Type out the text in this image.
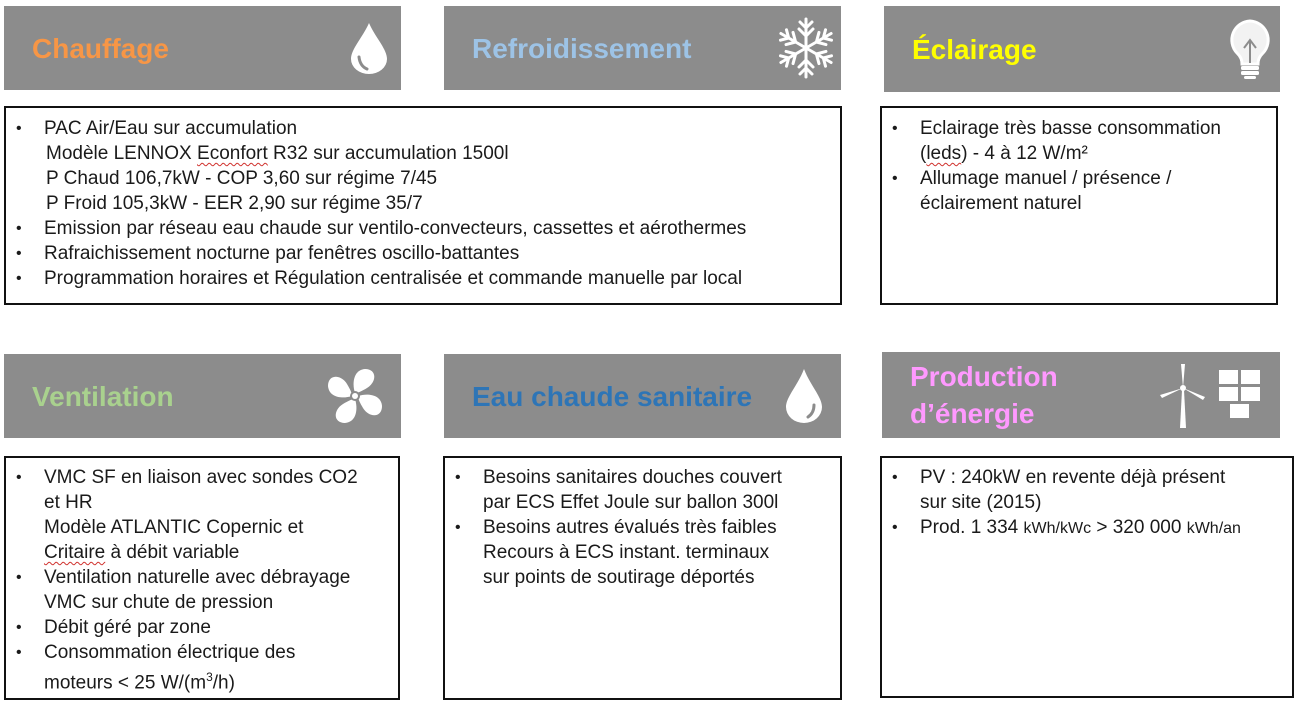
Chauffage	Refroidissement	Éclairage
• PAC Air/Eau sur accumulation
Modèle LENNOX Econfort R32 sur accumulation 1500l
P Chaud 106,7kW - COP 3,60 sur régime 7/45
P Froid 105,3kW - EER 2,90 sur régime 35/7
• Emission par réseau eau chaude sur ventilo-convecteurs, cassettes et aérothermes
• Rafraichissement nocturne par fenêtres oscillo-battantes
• Programmation horaires et Régulation centralisée et commande manuelle par local
• Eclairage très basse consommation
(leds) - 4 à 12 W/m²
• Allumage manuel / présence /
éclairement naturel
Ventilation	Eau chaude sanitaire
Production
d’énergie
• VMC SF en liaison avec sondes CO2
et HR
Modèle ATLANTIC Copernic et
Critaire à débit variable
• Ventilation naturelle avec débrayage
VMC sur chute de pression
• Débit géré par zone
• Consommation électrique des
moteurs < 25 $W/(m^3/h)$
• Besoins sanitaires douches couvert
par ECS Effet Joule sur ballon 300l
• Besoins autres évalués très faibles
Recours à ECS instant. terminaux
sur points de soutirage déportés
• PV : 240kW en revente déjà présent
sur site (2015)
• Prod. 1 334 kWh/kWc > 320 000 kWh/an
